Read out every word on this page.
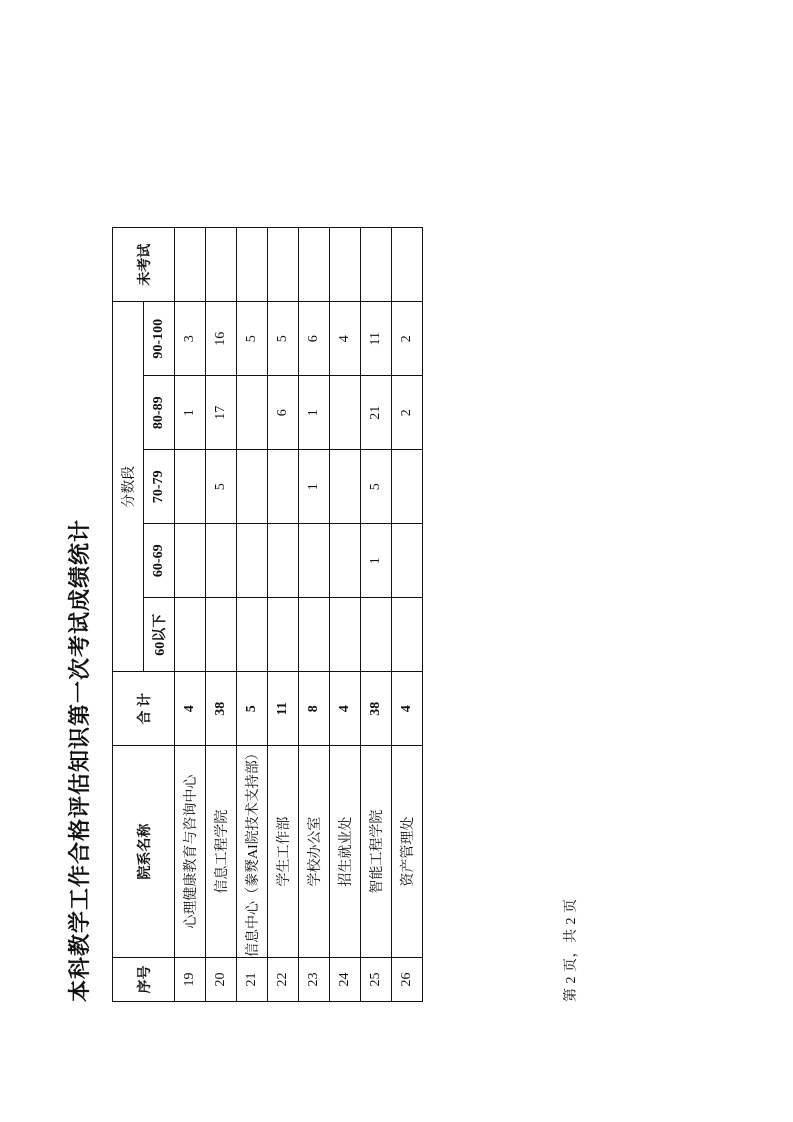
本科教学工作合格评估知识第一次考试成绩统计	序号	院系名称	合 计	分数段					未考试
			60以下	60-69	70-79	80-89	90-100	
19	心理健康教育与咨询中心	4				1	3	
20	信息工程学院	38			5	17	16	
21	信息中心（豢燹AI院技术支持部）	5					5	
22	学生工作部	11				6	5	
23	学校办公室	8			1	1	6	
24	招生就业处	4					4	
25	智能工程学院	38		1	5	21	11	
26	资产管理处	4				2	2	
第 2 页，共 2 页
